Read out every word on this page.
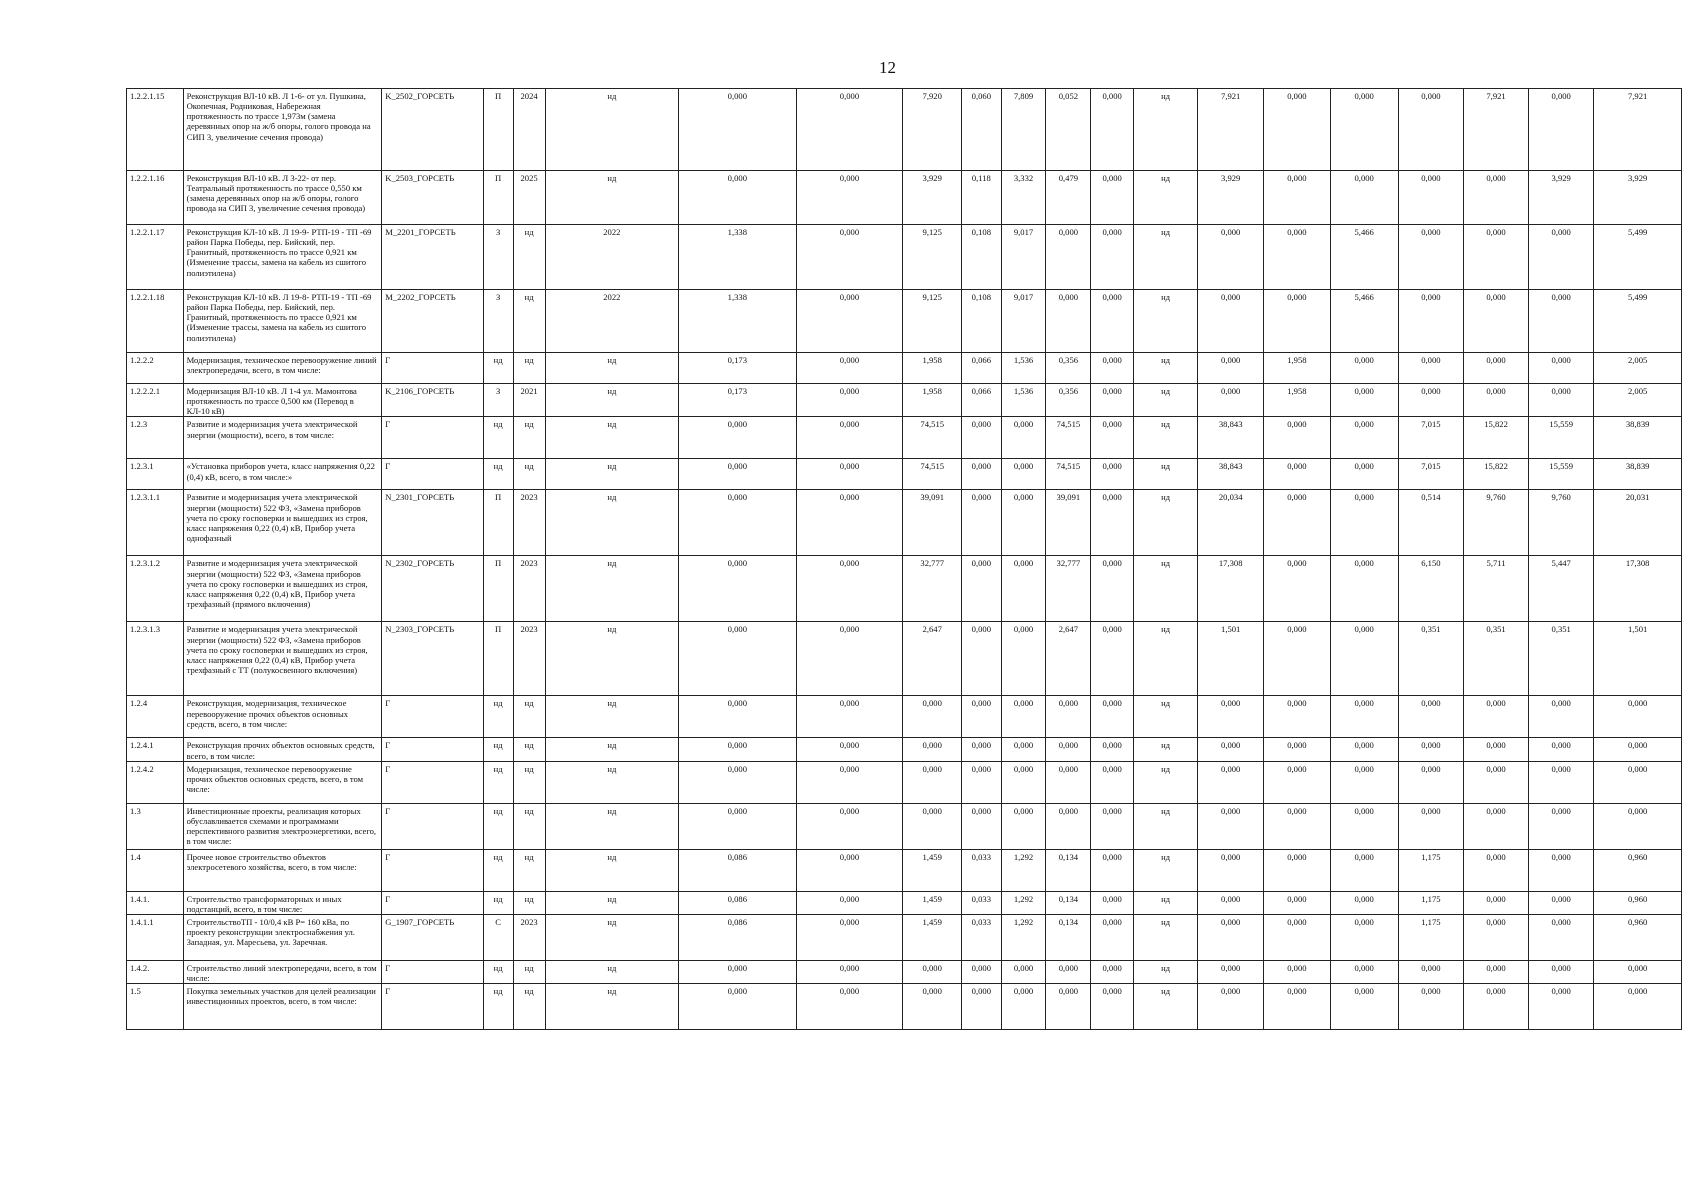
12
1.2.2.1.15	Реконструкция ВЛ-10 кВ. Л 1-6- от ул. Пушкина, Окопечная, Родниковая, Набережная протяженность по трассе 1,973м (замена деревянных опор на ж/б опоры, голого провода на СИП 3, увеличение сечения провода)	K_2502_ГОРСЕТЬ	П	2024	нд	0,000	0,000	7,920	0,060	7,809	0,052	0,000	нд	7,921	0,000	0,000	0,000	7,921	0,000	7,921
1.2.2.1.16	Реконструкция ВЛ-10 кВ. Л 3-22- от пер. Театральный протяженность по трассе 0,550 км (замена деревянных опор на ж/б опоры, голого провода на СИП 3, увеличение сечения провода)	K_2503_ГОРСЕТЬ	П	2025	нд	0,000	0,000	3,929	0,118	3,332	0,479	0,000	нд	3,929	0,000	0,000	0,000	0,000	3,929	3,929
1.2.2.1.17	Реконструкция КЛ-10 кВ. Л 19-9- РТП-19 - ТП -69 район Парка Победы, пер. Бийский, пер. Гранитный, протяженность по трассе 0,921 км (Изменение трассы, замена на кабель из сшитого полиэтилена)	M_2201_ГОРСЕТЬ	З	нд	2022	1,338	0,000	9,125	0,108	9,017	0,000	0,000	нд	0,000	0,000	5,466	0,000	0,000	0,000	5,499
1.2.2.1.18	Реконструкция КЛ-10 кВ. Л 19-8- РТП-19 - ТП -69 район Парка Победы, пер. Бийский, пер. Гранитный, протяженность по трассе 0,921 км (Изменение трассы, замена на кабель из сшитого полиэтилена)	M_2202_ГОРСЕТЬ	З	нд	2022	1,338	0,000	9,125	0,108	9,017	0,000	0,000	нд	0,000	0,000	5,466	0,000	0,000	0,000	5,499
1.2.2.2	Модернизация, техническое перевооружение линий электропередачи, всего, в том числе:	Г	нд	нд	нд	0,173	0,000	1,958	0,066	1,536	0,356	0,000	нд	0,000	1,958	0,000	0,000	0,000	0,000	2,005
1.2.2.2.1	Модернизация ВЛ-10 кВ. Л 1-4 ул. Мамонтова протяженность по трассе 0,500 км (Перевод в КЛ-10 кВ)	K_2106_ГОРСЕТЬ	З	2021	нд	0,173	0,000	1,958	0,066	1,536	0,356	0,000	нд	0,000	1,958	0,000	0,000	0,000	0,000	2,005
1.2.3	Развитие и модернизация учета электрической энергии (мощности), всего, в том числе:	Г	нд	нд	нд	0,000	0,000	74,515	0,000	0,000	74,515	0,000	нд	38,843	0,000	0,000	7,015	15,822	15,559	38,839
1.2.3.1	«Установка приборов учета, класс напряжения 0,22 (0,4) кВ, всего, в том числе:»	Г	нд	нд	нд	0,000	0,000	74,515	0,000	0,000	74,515	0,000	нд	38,843	0,000	0,000	7,015	15,822	15,559	38,839
1.2.3.1.1	Развитие и модернизация учета электрической энергии (мощности) 522 ФЗ, «Замена приборов учета по сроку госповерки и вышедших из строя, класс напряжения 0,22 (0,4) кВ, Прибор учета однофазный	N_2301_ГОРСЕТЬ	П	2023	нд	0,000	0,000	39,091	0,000	0,000	39,091	0,000	нд	20,034	0,000	0,000	0,514	9,760	9,760	20,031
1.2.3.1.2	Развитие и модернизация учета электрической энергии (мощности) 522 ФЗ, «Замена приборов учета по сроку госповерки и вышедших из строя, класс напряжения 0,22 (0,4) кВ, Прибор учета трехфазный (прямого включения)	N_2302_ГОРСЕТЬ	П	2023	нд	0,000	0,000	32,777	0,000	0,000	32,777	0,000	нд	17,308	0,000	0,000	6,150	5,711	5,447	17,308
1.2.3.1.3	Развитие и модернизация учета электрической энергии (мощности) 522 ФЗ, «Замена приборов учета по сроку госповерки и вышедших из строя, класс напряжения 0,22 (0,4) кВ, Прибор учета трехфазный с ТТ (полукосвенного включения)	N_2303_ГОРСЕТЬ	П	2023	нд	0,000	0,000	2,647	0,000	0,000	2,647	0,000	нд	1,501	0,000	0,000	0,351	0,351	0,351	1,501
1.2.4	Реконструкция, модернизация, техническое перевооружение прочих объектов основных средств, всего, в том числе:	Г	нд	нд	нд	0,000	0,000	0,000	0,000	0,000	0,000	0,000	нд	0,000	0,000	0,000	0,000	0,000	0,000	0,000
1.2.4.1	Реконструкция прочих объектов основных средств, всего, в том числе:	Г	нд	нд	нд	0,000	0,000	0,000	0,000	0,000	0,000	0,000	нд	0,000	0,000	0,000	0,000	0,000	0,000	0,000
1.2.4.2	Модернизация, техническое перевооружение прочих объектов основных средств, всего, в том числе:	Г	нд	нд	нд	0,000	0,000	0,000	0,000	0,000	0,000	0,000	нд	0,000	0,000	0,000	0,000	0,000	0,000	0,000
1.3	Инвестиционные проекты, реализация которых обуславливается схемами и программами перспективного развития электроэнергетики, всего, в том числе:	Г	нд	нд	нд	0,000	0,000	0,000	0,000	0,000	0,000	0,000	нд	0,000	0,000	0,000	0,000	0,000	0,000	0,000
1.4	Прочее новое строительство объектов электросетевого хозяйства, всего, в том числе:	Г	нд	нд	нд	0,086	0,000	1,459	0,033	1,292	0,134	0,000	нд	0,000	0,000	0,000	1,175	0,000	0,000	0,960
1.4.1.	Строительство трансформаторных и иных подстанций, всего, в том числе:	Г	нд	нд	нд	0,086	0,000	1,459	0,033	1,292	0,134	0,000	нд	0,000	0,000	0,000	1,175	0,000	0,000	0,960
1.4.1.1	СтроительствоТП - 10/0,4 кВ Р= 160 кВа, по проекту реконструкции электроснабжения ул. Западная, ул. Маресьева, ул. Заречная.	G_1907_ГОРСЕТЬ	С	2023	нд	0,086	0,000	1,459	0,033	1,292	0,134	0,000	нд	0,000	0,000	0,000	1,175	0,000	0,000	0,960
1.4.2.	Строительство линий электропередачи, всего, в том числе:	Г	нд	нд	нд	0,000	0,000	0,000	0,000	0,000	0,000	0,000	нд	0,000	0,000	0,000	0,000	0,000	0,000	0,000
1.5	Покупка земельных участков для целей реализации инвестиционных проектов, всего, в том числе:	Г	нд	нд	нд	0,000	0,000	0,000	0,000	0,000	0,000	0,000	нд	0,000	0,000	0,000	0,000	0,000	0,000	0,000
